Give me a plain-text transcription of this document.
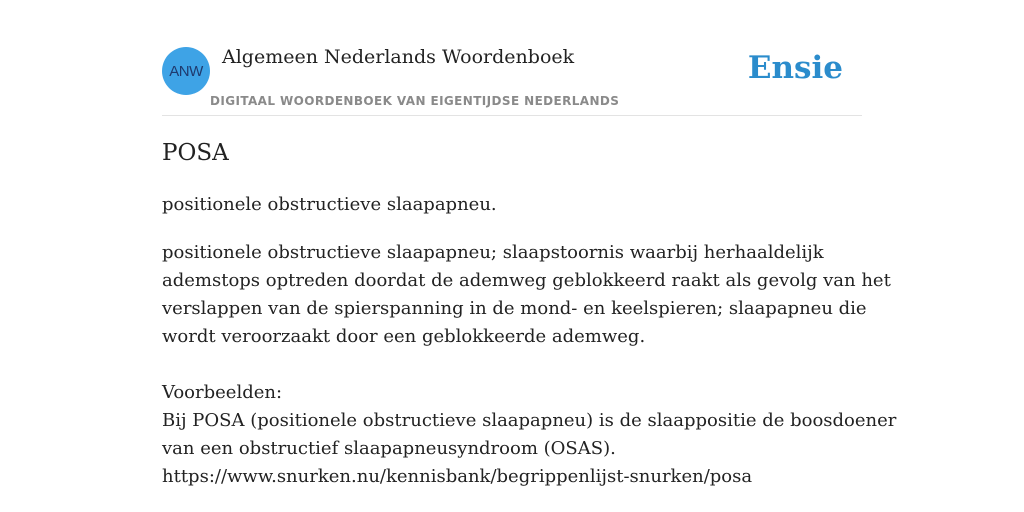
ANW
Algemeen Nederlands Woordenboek
DIGITAAL WOORDENBOEK VAN EIGENTIJDSE NEDERLANDS
Ensie
POSA
positionele obstructieve slaapapneu.
positionele obstructieve slaapapneu; slaapstoornis waarbij herhaaldelijk
ademstops optreden doordat de ademweg geblokkeerd raakt als gevolg van het
verslappen van de spierspanning in de mond- en keelspieren; slaapapneu die
wordt veroorzaakt door een geblokkeerde ademweg.
Voorbeelden:
Bij POSA (positionele obstructieve slaapapneu) is de slaappositie de boosdoener
van een obstructief slaapapneusyndroom (OSAS).
https://www.snurken.nu/kennisbank/begrippenlijst-snurken/posa
